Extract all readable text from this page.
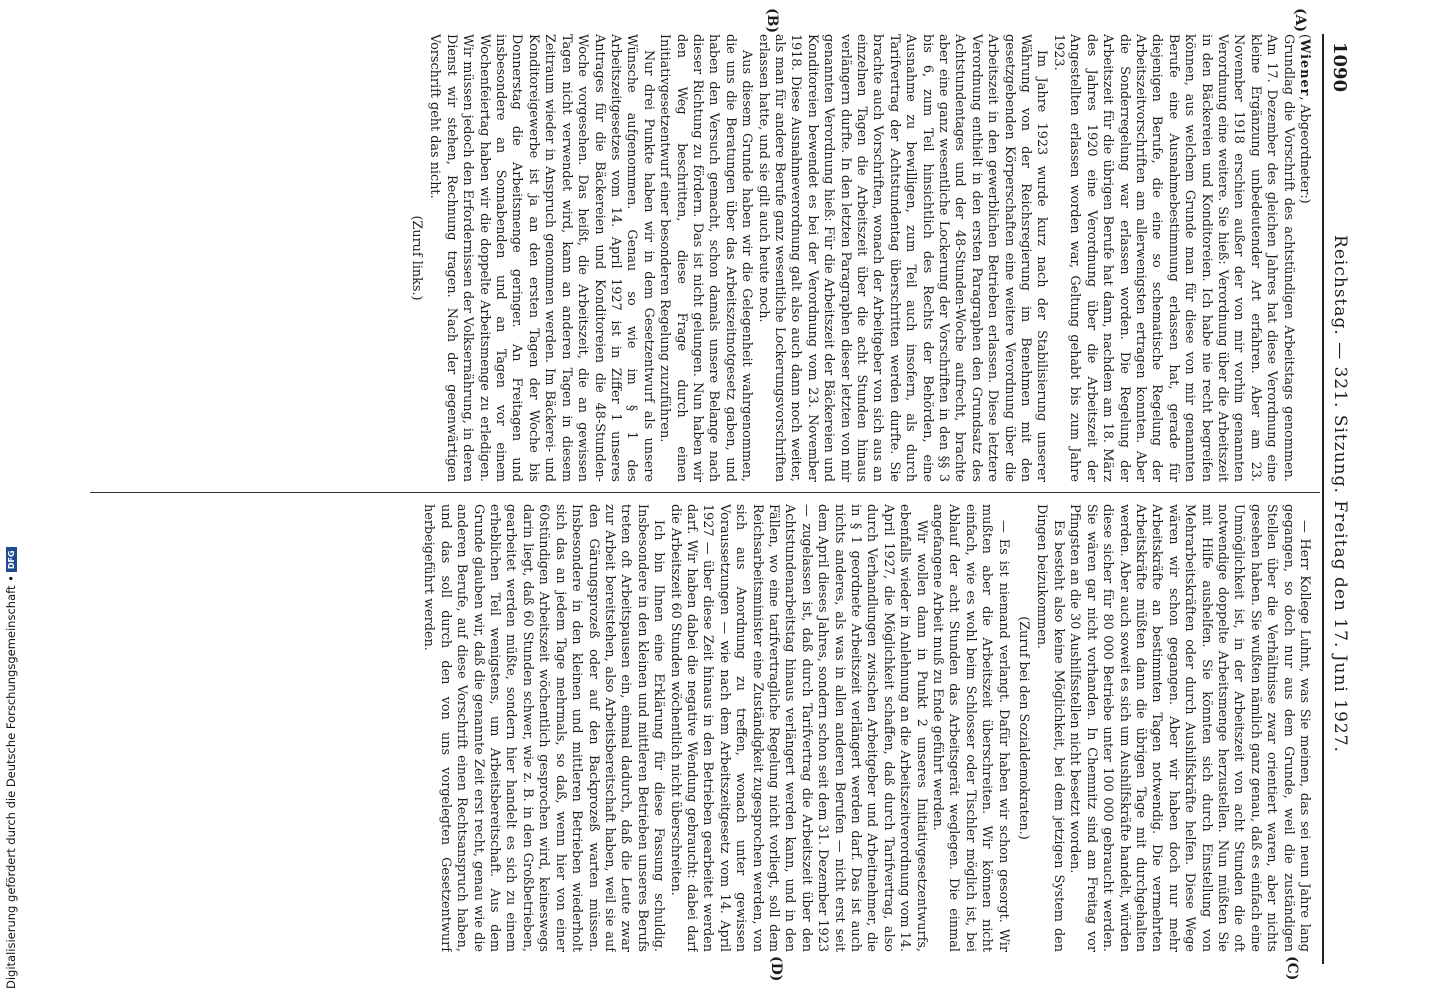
1090
Reichstag. — 321. Sitzung. Freitag den 17. Juni 1927.
(A)
(B)
(C)
(D)

(Wiener, Abgeordneter:)

Grundlag die Vorschrift des achtstündigen Arbeitstags genommen. Am 17. Dezember des gleichen Jahres hat diese Verordnung eine kleine Ergänzung unbedeutender Art erfahren. Aber am 23. November 1918 erschien außer der von mir vorhin genannten Verordnung eine weitere. Sie hieß: Verordnung über die Arbeitszeit in den Bäckereien und Konditoreien. Ich habe nie recht begreifen können, aus welchem Grunde man für diese von mir genannten Berufe eine Ausnahmebestimmung erlassen hat, gerade für diejenigen Berufe, die eine so schematische Regelung der Arbeitszeitvorschriften am allerwenigsten ertragen konnten. Aber die Sonderregelung war erlassen worden. Die Regelung der Arbeitszeit für die übrigen Berufe hat dann, nachdem am 18. März des Jahres 1920 eine Verordnung über die Arbeitszeit der Angestellten erlassen worden war, Geltung gehabt bis zum Jahre 1923.

Im Jahre 1923 wurde kurz nach der Stabilisierung unserer Währung von der Reichsregierung im Benehmen mit den gesetzgebenden Körperschaften eine weitere Verordnung über die Arbeitszeit in den gewerblichen Betrieben erlassen. Diese letztere Verordnung enthielt in den ersten Paragraphen den Grundsatz des Achtstundentages und der 48-Stunden-Woche aufrecht, brachte aber eine ganz wesentliche Lockerung der Vorschriften in den §§ 3 bis 6, zum Teil hinsichtlich des Rechts der Behörden, eine Ausnahme zu bewilligen, zum Teil auch insofern, als durch Tarifvertrag der Achtstundentag überschritten werden durfte. Sie brachte auch Vorschriften, wonach der Arbeitgeber von sich aus an einzelnen Tagen die Arbeitszeit über die acht Stunden hinaus verlängern durfte. In den letzten Paragraphen dieser letzten von mir genannten Verordnung hieß: Für die Arbeitszeit der Bäckereien und Konditoreien bewendet es bei der Verordnung vom 23. November 1918. Diese Ausnahmeverordnung galt also auch dann noch weiter, als man für andere Berufe ganz wesentliche Lockerungsvorschriften erlassen hatte, und sie gilt auch heute noch.

Aus diesem Grunde haben wir die Gelegenheit wahrgenommen, die uns die Beratungen über das Arbeitszeitnotgesetz gaben, und haben den Versuch gemacht, schon damals unsere Belange nach dieser Richtung zu fördern. Das ist nicht gelungen. Nun haben wir den Weg beschritten, diese Frage durch einen Initiativgesetzentwurf einer besonderen Regelung zuzuführen.

Nur drei Punkte haben wir in dem Gesetzentwurf als unsere Wünsche aufgenommen. Genau so wie im § 1 des Arbeitszeitgesetzes vom 14. April 1927 ist in Ziffer 1 unseres Antrages für die Bäckereien und Konditoreien die 48-Stunden-Woche vorgesehen. Das heißt, die Arbeitszeit, die an gewissen Tagen nicht verwendet wird, kann an anderen Tagen in diesem Zeitraum wieder in Anspruch genommen werden. Im Bäckerei- und Konditoreigewerbe ist ja an den ersten Tagen der Woche bis Donnerstag die Arbeitsmenge geringer. An Freitagen und insbesondere an Sonnabenden und an Tagen vor einem Wochenfeiertag haben wir die doppelte Arbeitsmenge zu erledigen. Wir müssen jedoch den Erfordernissen der Volksernährung, in deren Dienst wir stehen, Rechnung tragen. Nach der gegenwärtigen Vorschrift geht das nicht.

(Zuruf links.)

— Herr Kollege Luhnt, was Sie meinen, das sei neun Jahre lang gegangen, so doch nur aus dem Grunde, weil die zuständigen Stellen über die Verhältnisse zwar orientiert waren, aber nichts gesehen haben. Sie wußten nämlich ganz genau, daß es einfach eine Unmöglichkeit ist, in der Arbeitszeit von acht Stunden die oft notwendige doppelte Arbeitsmenge herzustellen. Nun müßten Sie mit Hilfe aushelfen. Sie könnten sich durch Einstellung von Mehrarbeitskräften oder durch Aushilfskräfte helfen. Diese Wege wären wir schon gegangen. Aber wir haben doch nur mehr Arbeitskräfte an bestimmten Tagen notwendig. Die vermehrten Arbeitskräfte müßten dann die übrigen Tage mit durchgehalten werden. Aber auch soweit es sich um Aushilfskräfte handelt, würden diese sicher für 80 000 Betriebe unter 100 000 gebraucht werden. Sie wären gar nicht vorhanden. In Chemnitz sind am Freitag vor Pfingsten an die 30 Aushilfsstellen nicht besetzt worden.

Es besteht also keine Möglichkeit, bei dem jetzigen System den Dingen beizukommen.

(Zuruf bei den Sozialdemokraten.)

— Es ist niemand verlangt. Dafür haben wir schon gesorgt. Wir mußten aber die Arbeitszeit überschreiten. Wir können nicht einfach, wie es wohl beim Schlosser oder Tischler möglich ist, bei Ablauf der acht Stunden das Arbeitsgerät weglegen. Die einmal angefangene Arbeit muß zu Ende geführt werden.

Wir wollen dann in Punkt 2 unseres Initiativgesetzentwurfs, ebenfalls wieder in Anlehnung an die Arbeitszeitverordnung vom 14. April 1927, die Möglichkeit schaffen, daß durch Tarifvertrag, also durch Verhandlungen zwischen Arbeitgeber und Arbeitnehmer, die in § 1 geordnete Arbeitszeit verlängert werden darf. Das ist auch nichts anderes, als was in allen anderen Berufen — nicht erst seit dem April dieses Jahres, sondern schon seit dem 31. Dezember 1923 — zugelassen ist, daß durch Tarifvertrag die Arbeitszeit über den Achtstundenarbeitstag hinaus verlängert werden kann, und in den Fällen, wo eine tarifvertragliche Regelung nicht vorliegt, soll dem Reichsarbeitsminister eine Zuständigkeit zugesprochen werden, von sich aus Anordnung zu treffen, wonach unter gewissen Voraussetzungen — wie nach dem Arbeitszeitgesetz vom 14. April 1927 — über diese Zeit hinaus in den Betrieben gearbeitet werden darf. Wir haben dabei die negative Wendung gebraucht: dabei darf die Arbeitszeit 60 Stunden wöchentlich nicht überschreiten.

Ich bin Ihnen eine Erklärung für diese Fassung schuldig. Insbesondere in den kleinen und mittleren Betrieben unseres Berufs treten oft Arbeitspausen ein, einmal dadurch, daß die Leute zwar zur Arbeit bereitstehen, also Arbeitsbereitschaft haben, weil sie auf den Gärungsprozeß oder auf den Backprozeß warten müssen. Insbesondere in den kleinen und mittleren Betrieben wiederholt sich das an jedem Tage mehrmals, so daß, wenn hier von einer 60stündigen Arbeitszeit wöchentlich gesprochen wird, keineswegs darin liegt, daß 60 Stunden schwer, wie z. B. in den Großbetrieben, gearbeitet werden müßte, sondern hier handelt es sich zu einem erheblichen Teil wenigstens, um Arbeitsbereitschaft. Aus dem Grunde glauben wir, daß die genannte Zeit erst recht, genau wie die anderen Berufe, auf diese Vorschrift einen Rechtsanspruch haben, und das soll durch den von uns vorgelegten Gesetzentwurf herbeigeführt werden.

Digitalisierung gefördert durch die Deutsche Forschungsgemeinschaft •DFG
